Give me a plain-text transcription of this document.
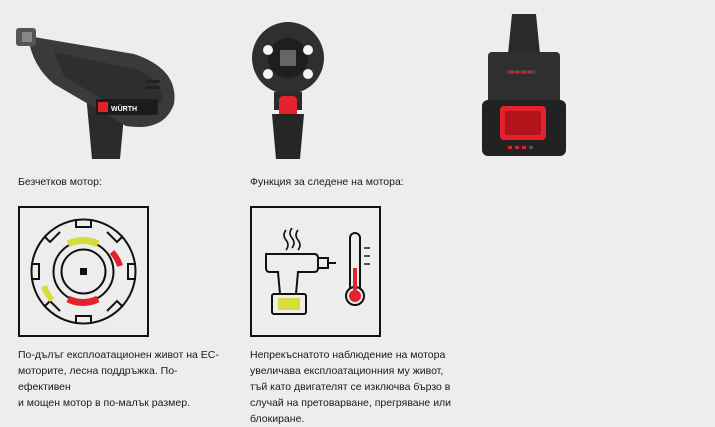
WÜRTH

Безчетков мотор:

По-дълъг експлоатационен живот на ЕС-
моторите, лесна поддръжка. По-
ефективен
и мощен мотор в по-малък размер.

Функция за следене на мотора:

Непрекъснатото наблюдение на мотора
увеличава експлоатационния му живот,
тъй като двигателят се изключва бързо в
случай на претоварване, прегряване или
блокиране.
